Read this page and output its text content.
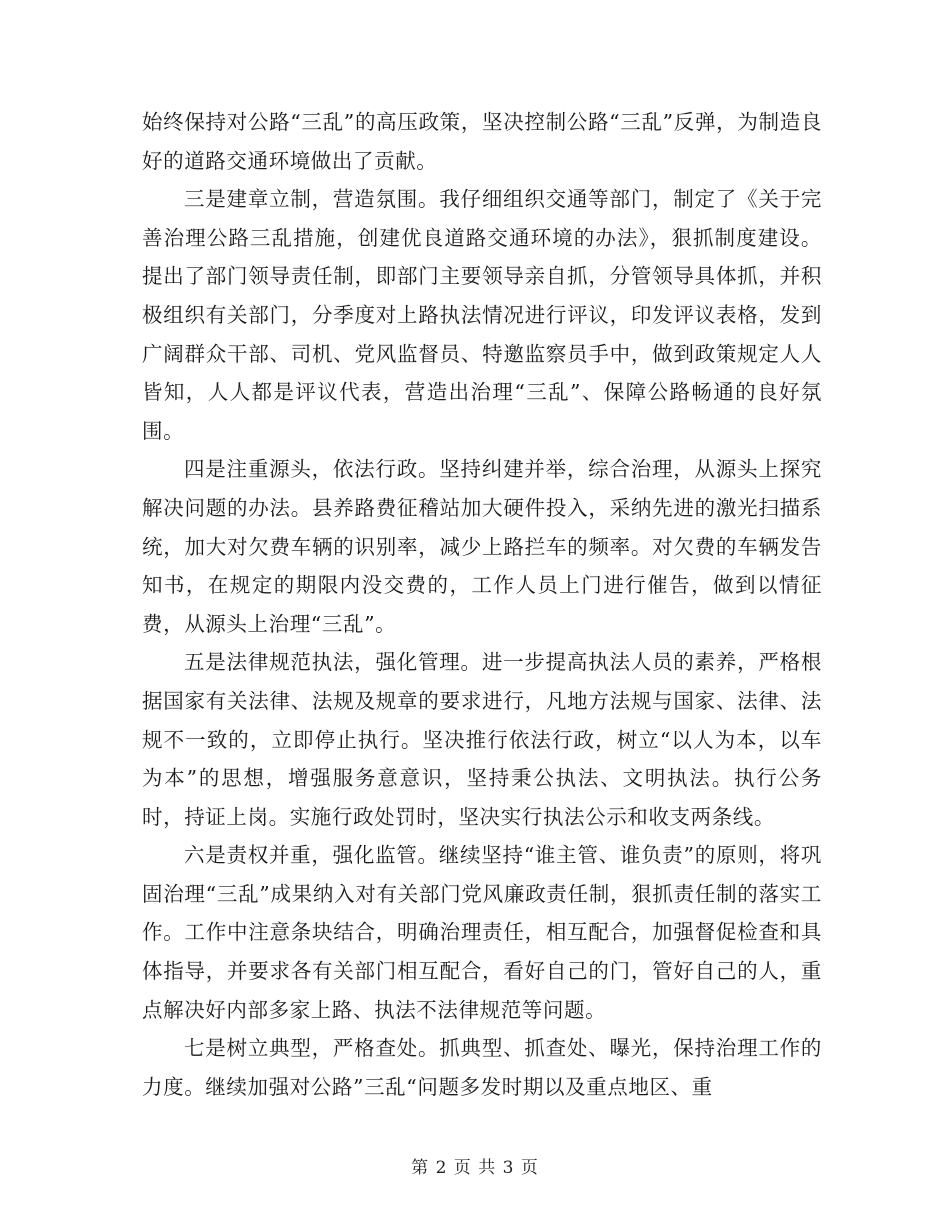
始终保持对公路“三乱”的高压政策，坚决控制公路“三乱”反弹，为制造良好的道路交通环境做出了贡献。

三是建章立制，营造氛围。我仔细组织交通等部门，制定了《关于完善治理公路三乱措施，创建优良道路交通环境的办法》，狠抓制度建设。提出了部门领导责任制，即部门主要领导亲自抓，分管领导具体抓，并积极组织有关部门，分季度对上路执法情况进行评议，印发评议表格，发到广阔群众干部、司机、党风监督员、特邀监察员手中，做到政策规定人人皆知，人人都是评议代表，营造出治理“三乱”、保障公路畅通的良好氛围。

四是注重源头，依法行政。坚持纠建并举，综合治理，从源头上探究解决问题的办法。县养路费征稽站加大硬件投入，采纳先进的激光扫描系统，加大对欠费车辆的识别率，减少上路拦车的频率。对欠费的车辆发告知书，在规定的期限内没交费的，工作人员上门进行催告，做到以情征费，从源头上治理“三乱”。

五是法律规范执法，强化管理。进一步提高执法人员的素养，严格根据国家有关法律、法规及规章的要求进行，凡地方法规与国家、法律、法规不一致的，立即停止执行。坚决推行依法行政，树立“以人为本，以车为本”的思想，增强服务意意识，坚持秉公执法、文明执法。执行公务时，持证上岗。实施行政处罚时，坚决实行执法公示和收支两条线。

六是责权并重，强化监管。继续坚持“谁主管、谁负责”的原则，将巩固治理“三乱”成果纳入对有关部门党风廉政责任制，狠抓责任制的落实工作。工作中注意条块结合，明确治理责任，相互配合，加强督促检查和具体指导，并要求各有关部门相互配合，看好自己的门，管好自己的人，重点解决好内部多家上路、执法不法律规范等问题。

七是树立典型，严格查处。抓典型、抓查处、曝光，保持治理工作的力度。继续加强对公路”三乱“问题多发时期以及重点地区、重

第 2 页 共 3 页
